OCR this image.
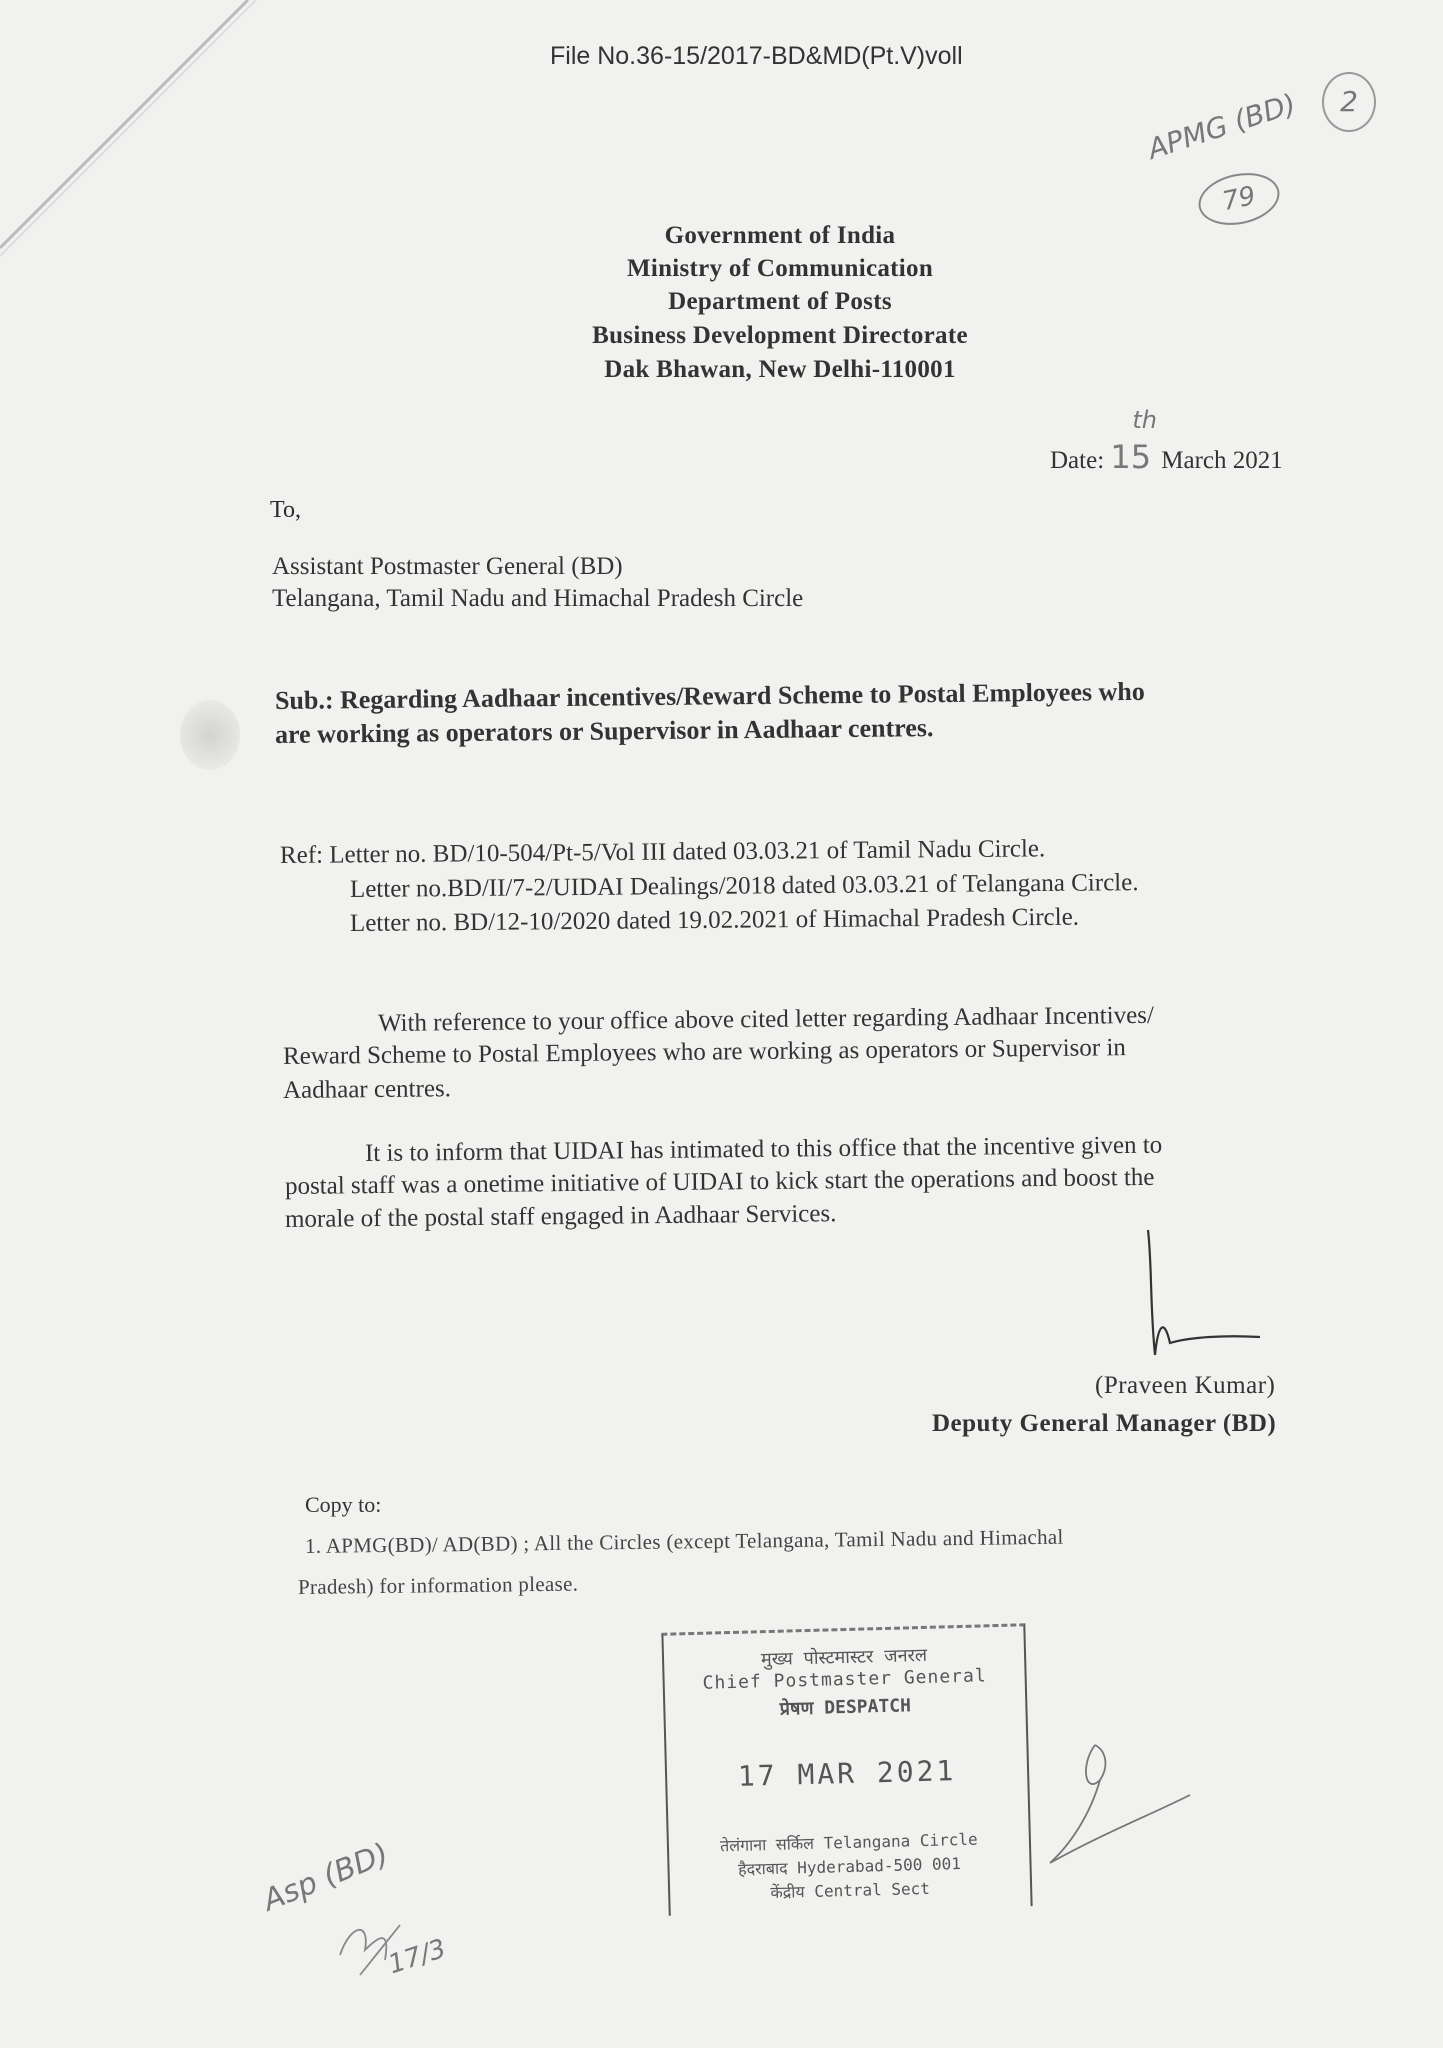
File No.36-15/2017-BD&MD(Pt.V)voll
APMG (BD)	2
79
Government of India
Ministry of Communication
Department of Posts
Business Development Directorate
Dak Bhawan, New Delhi-110001
Date: 15
th
March 2021
To,
Assistant Postmaster General (BD)
Telangana, Tamil Nadu and Himachal Pradesh Circle
Sub.: Regarding Aadhaar incentives/Reward Scheme to Postal Employees who
are working as operators or Supervisor in Aadhaar centres.
Ref: Letter no. BD/10-504/Pt-5/Vol III dated 03.03.21 of Tamil Nadu Circle.
Letter no.BD/II/7-2/UIDAI Dealings/2018 dated 03.03.21 of Telangana Circle.
Letter no. BD/12-10/2020 dated 19.02.2021 of Himachal Pradesh Circle.
With reference to your office above cited letter regarding Aadhaar Incentives/
Reward Scheme to Postal Employees who are working as operators or Supervisor in
Aadhaar centres.
It is to inform that UIDAI has intimated to this office that the incentive given to
postal staff was a onetime initiative of UIDAI to kick start the operations and boost the
morale of the postal staff engaged in Aadhaar Services.
(Praveen Kumar)
Deputy General Manager (BD)
Copy to:
1. APMG(BD)/ AD(BD) ; All the Circles (except Telangana, Tamil Nadu and Himachal
Pradesh) for information please.
मुख्य पोस्टमास्टर जनरल
Chief Postmaster General
प्रेषण DESPATCH
17 MAR 2021
तेलंगाना सर्किल Telangana Circle
हैदराबाद Hyderabad-500 001
केंद्रीय Central Sect
Asp (BD)
17/3
